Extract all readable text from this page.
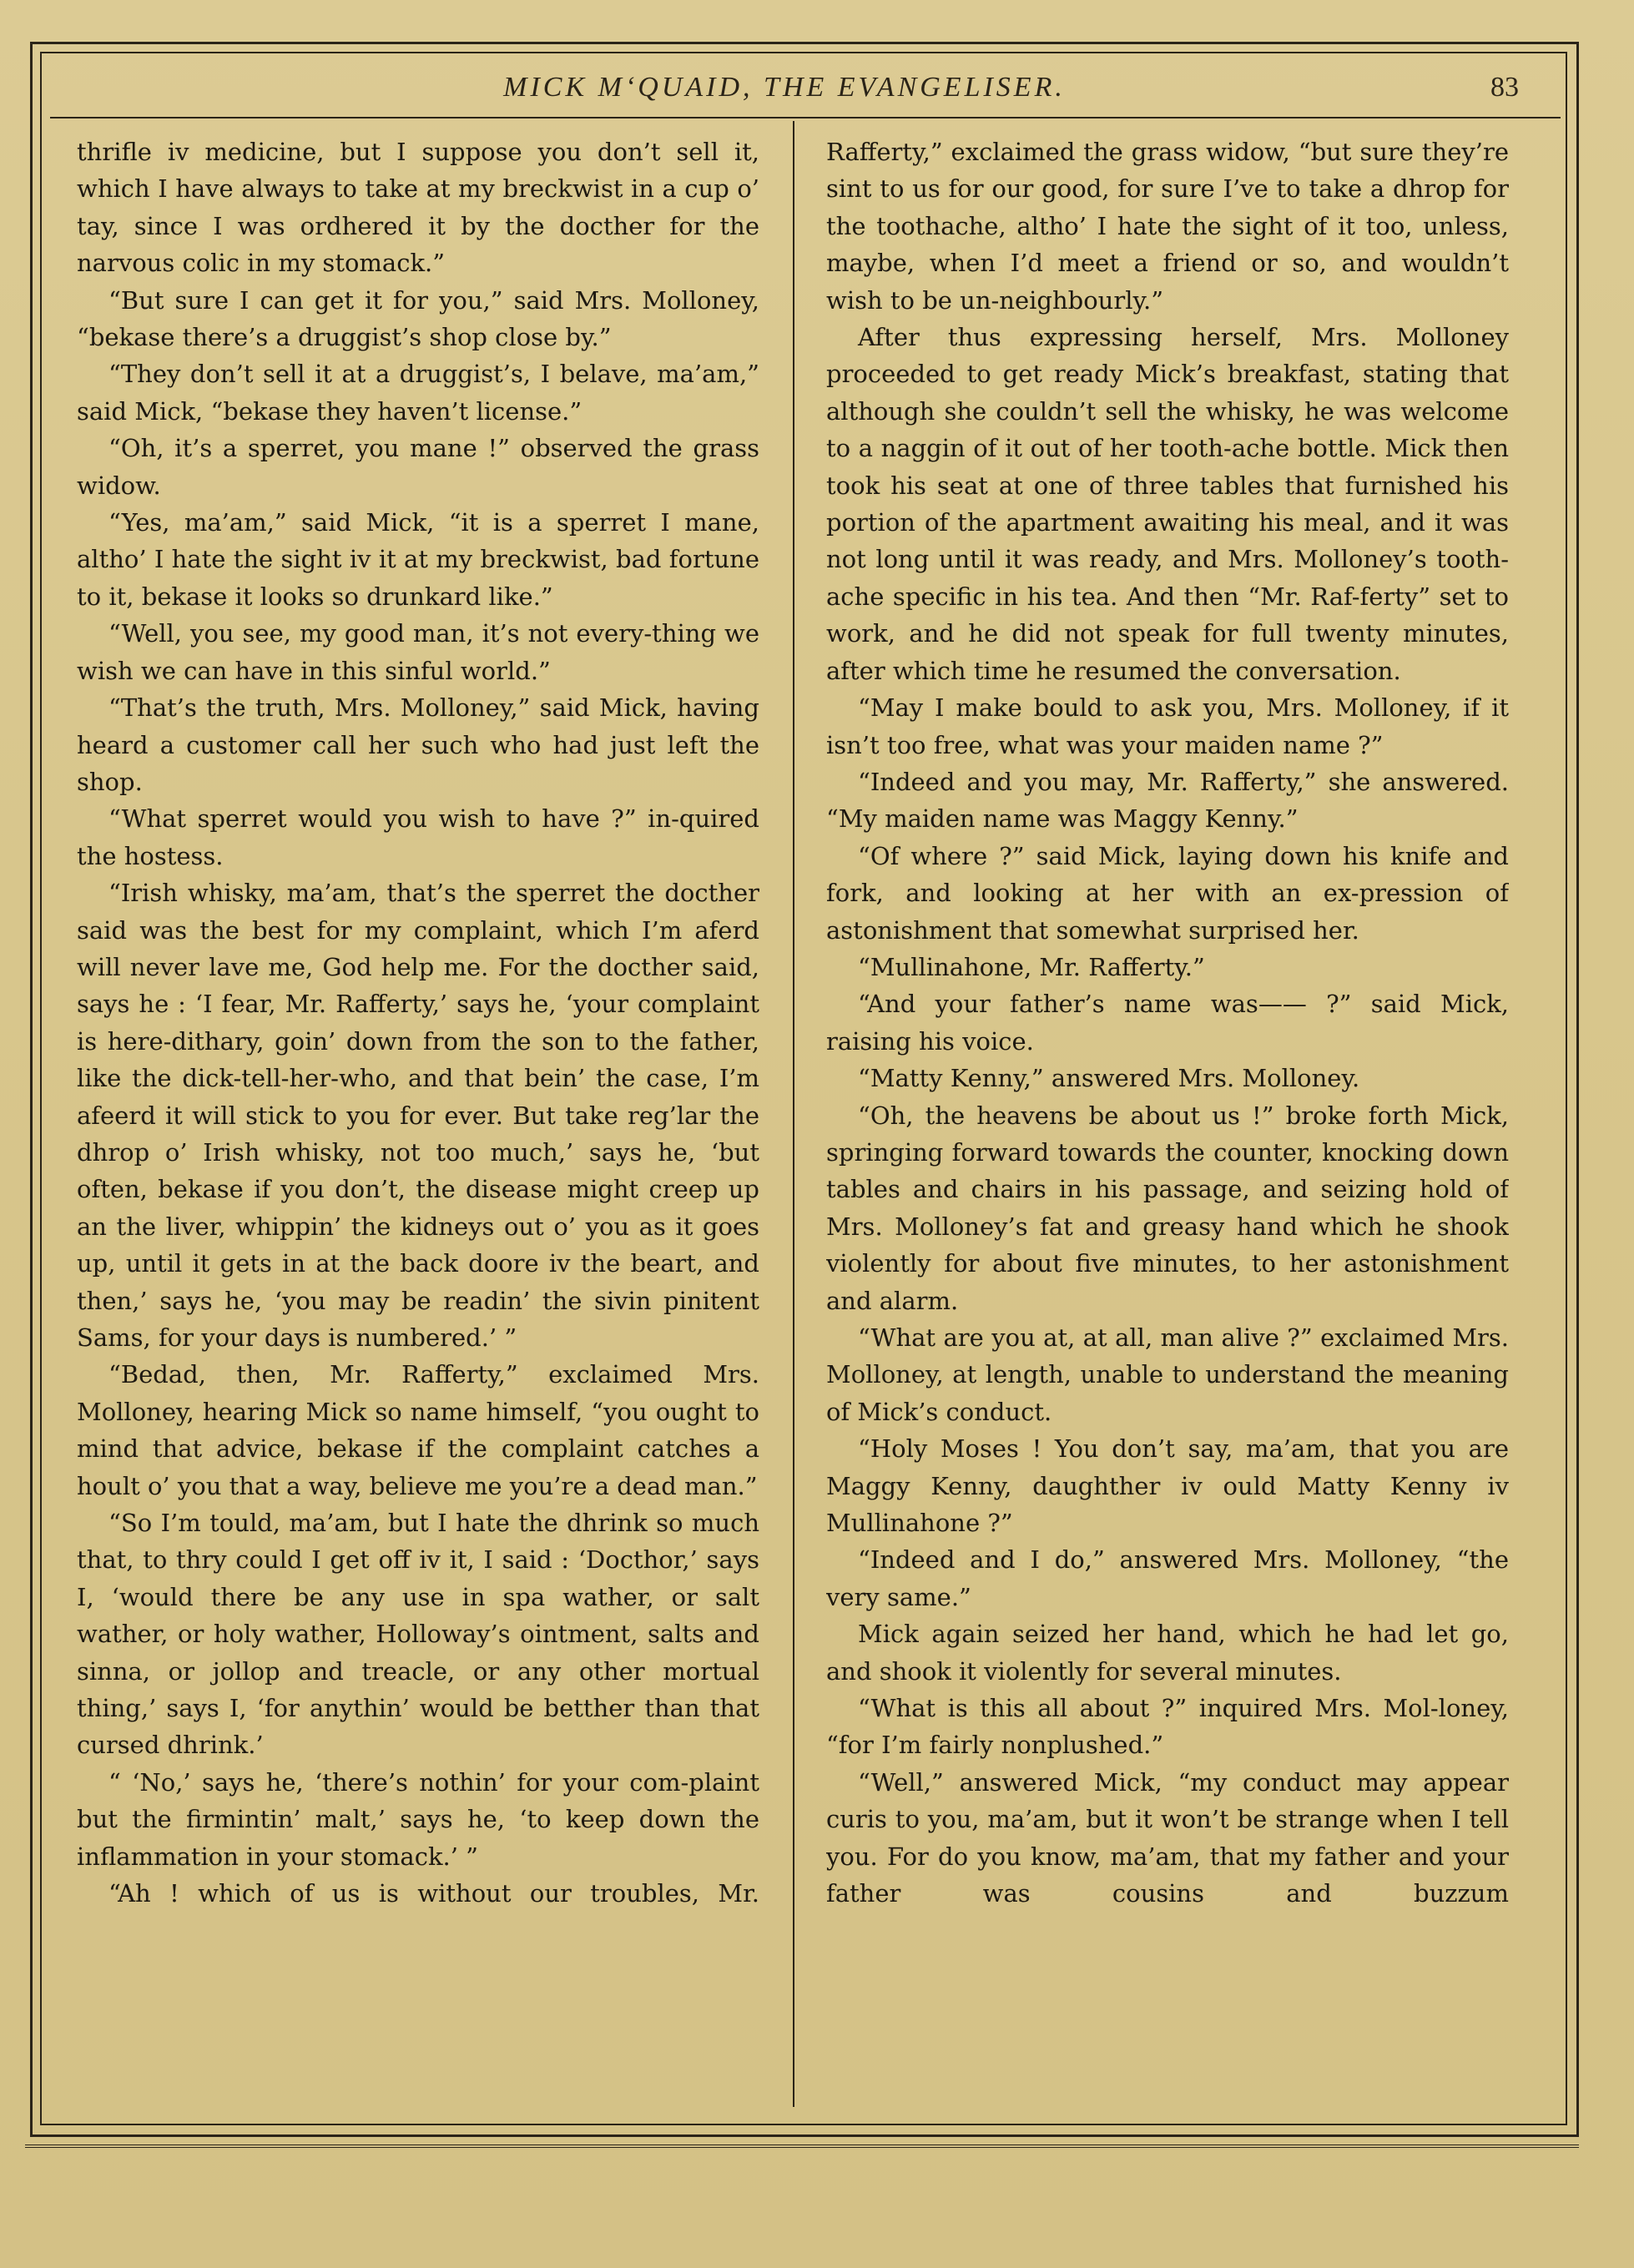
MICK M‘QUAID, THE EVANGELISER.	83

thrifle iv medicine, but I suppose you don’t sell it, which I have always to take at my breckwist in a cup o’ tay, since I was ordhered it by the docther for the narvous colic in my stomack.”

“But sure I can get it for you,” said Mrs. Molloney, “bekase there’s a druggist’s shop close by.”

“They don’t sell it at a druggist’s, I belave, ma’am,” said Mick, “bekase they haven’t license.”

“Oh, it’s a sperret, you mane !” observed the grass widow.

“Yes, ma’am,” said Mick, “it is a sperret I mane, altho’ I hate the sight iv it at my breckwist, bad fortune to it, bekase it looks so drunkard like.”

“Well, you see, my good man, it’s not every-thing we wish we can have in this sinful world.”

“That’s the truth, Mrs. Molloney,” said Mick, having heard a customer call her such who had just left the shop.

“What sperret would you wish to have ?” in-quired the hostess.

“Irish whisky, ma’am, that’s the sperret the docther said was the best for my complaint, which I’m aferd will never lave me, God help me. For the docther said, says he : ‘I fear, Mr. Rafferty,’ says he, ‘your complaint is here-dithary, goin’ down from the son to the father, like the dick-tell-her-who, and that bein’ the case, I’m afeerd it will stick to you for ever. But take reg’lar the dhrop o’ Irish whisky, not too much,’ says he, ‘but often, bekase if you don’t, the disease might creep up an the liver, whippin’ the kidneys out o’ you as it goes up, until it gets in at the back doore iv the beart, and then,’ says he, ‘you may be readin’ the sivin pinitent Sams, for your days is numbered.’ ”

“Bedad, then, Mr. Rafferty,” exclaimed Mrs. Molloney, hearing Mick so name himself, “you ought to mind that advice, bekase if the complaint catches a hoult o’ you that a way, believe me you’re a dead man.”

“So I’m tould, ma’am, but I hate the dhrink so much that, to thry could I get off iv it, I said : ‘Docthor,’ says I, ‘would there be any use in spa wather, or salt wather, or holy wather, Holloway’s ointment, salts and sinna, or jollop and treacle, or any other mortual thing,’ says I, ‘for anythin’ would be betther than that cursed dhrink.’

“ ‘No,’ says he, ‘there’s nothin’ for your com-plaint but the firmintin’ malt,’ says he, ‘to keep down the inflammation in your stomack.’ ”

“Ah ! which of us is without our troubles, Mr.

Rafferty,” exclaimed the grass widow, “but sure they’re sint to us for our good, for sure I’ve to take a dhrop for the toothache, altho’ I hate the sight of it too, unless, maybe, when I’d meet a friend or so, and wouldn’t wish to be un-neighbourly.”

After thus expressing herself, Mrs. Molloney proceeded to get ready Mick’s breakfast, stating that although she couldn’t sell the whisky, he was welcome to a naggin of it out of her tooth-ache bottle. Mick then took his seat at one of three tables that furnished his portion of the apartment awaiting his meal, and it was not long until it was ready, and Mrs. Molloney’s tooth-ache specific in his tea. And then “Mr. Raf-ferty” set to work, and he did not speak for full twenty minutes, after which time he resumed the conversation.

“May I make bould to ask you, Mrs. Molloney, if it isn’t too free, what was your maiden name ?”

“Indeed and you may, Mr. Rafferty,” she answered. “My maiden name was Maggy Kenny.”

“Of where ?” said Mick, laying down his knife and fork, and looking at her with an ex-pression of astonishment that somewhat surprised her.

“Mullinahone, Mr. Rafferty.”

“And your father’s name was—— ?” said Mick, raising his voice.

“Matty Kenny,” answered Mrs. Molloney.

“Oh, the heavens be about us !” broke forth Mick, springing forward towards the counter, knocking down tables and chairs in his passage, and seizing hold of Mrs. Molloney’s fat and greasy hand which he shook violently for about five minutes, to her astonishment and alarm.

“What are you at, at all, man alive ?” exclaimed Mrs. Molloney, at length, unable to understand the meaning of Mick’s conduct.

“Holy Moses ! You don’t say, ma’am, that you are Maggy Kenny, daughther iv ould Matty Kenny iv Mullinahone ?”

“Indeed and I do,” answered Mrs. Molloney, “the very same.”

Mick again seized her hand, which he had let go, and shook it violently for several minutes.

“What is this all about ?” inquired Mrs. Mol-loney, “for I’m fairly nonplushed.”

“Well,” answered Mick, “my conduct may appear curis to you, ma’am, but it won’t be strange when I tell you. For do you know, ma’am, that my father and your father was cousins and buzzum
